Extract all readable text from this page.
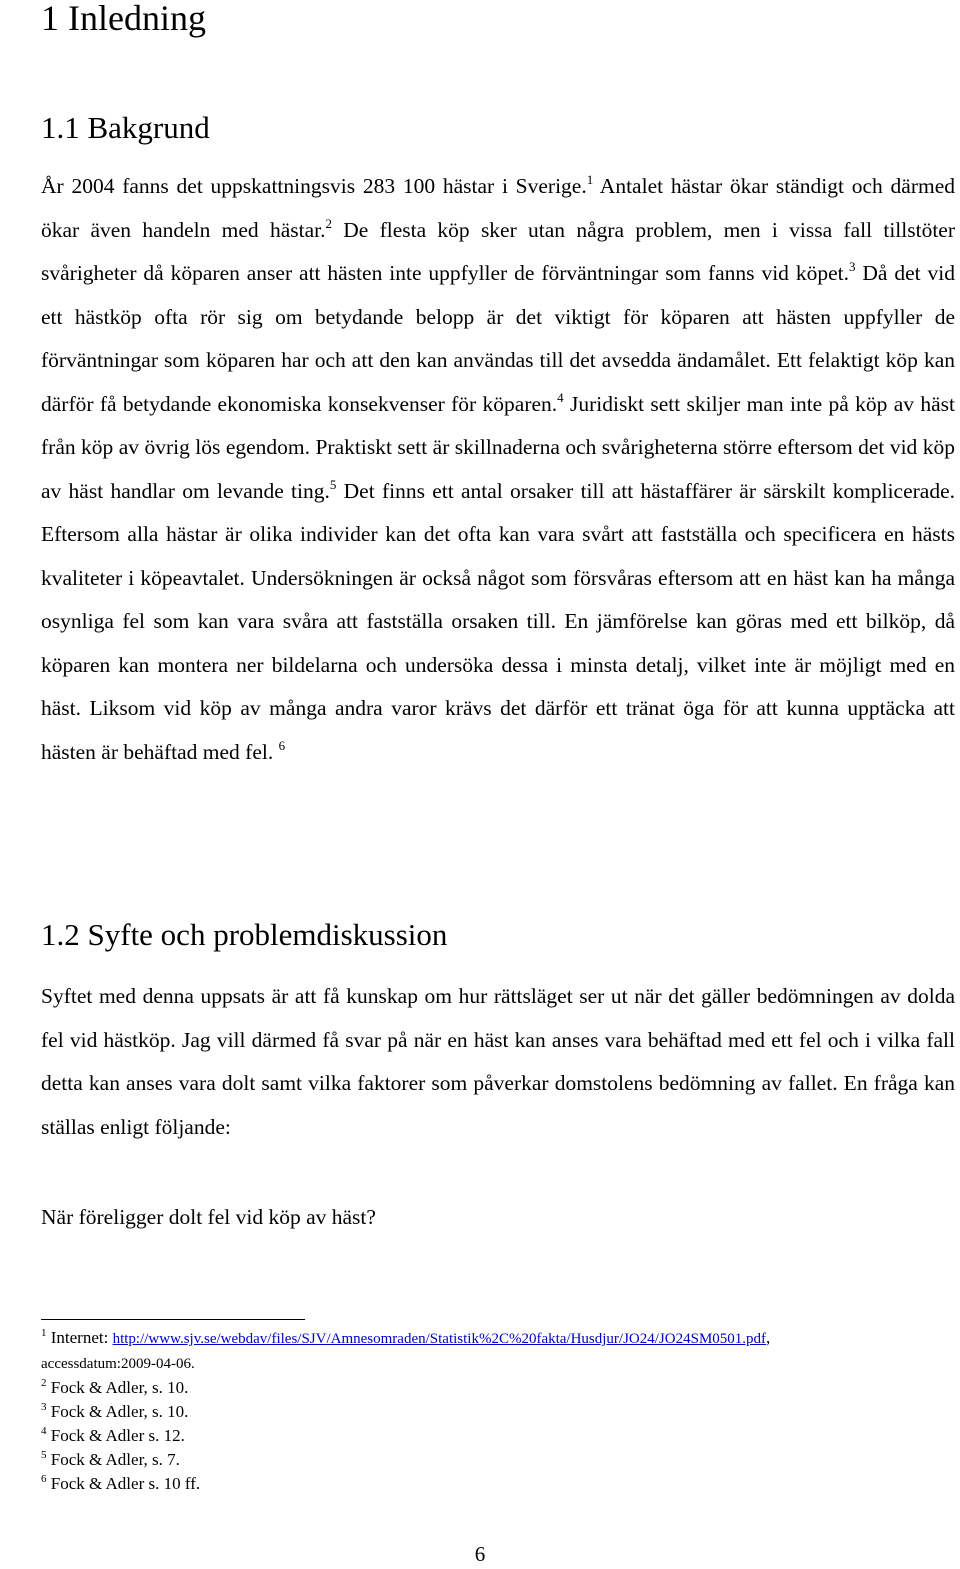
1 Inledning
1.1 Bakgrund

År 2004 fanns det uppskattningsvis 283 100 hästar i Sverige.$^1$ Antalet hästar ökar ständigt och därmed ökar även handeln med hästar.$^2$ De flesta köp sker utan några problem, men i vissa fall tillstöter svårigheter då köparen anser att hästen inte uppfyller de förväntningar som fanns vid köpet.$^3$ Då det vid ett hästköp ofta rör sig om betydande belopp är det viktigt för köparen att hästen uppfyller de förväntningar som köparen har och att den kan användas till det avsedda ändamålet. Ett felaktigt köp kan därför få betydande ekonomiska konsekvenser för köparen.$^4$ Juridiskt sett skiljer man inte på köp av häst från köp av övrig lös egendom. Praktiskt sett är skillnaderna och svårigheterna större eftersom det vid köp av häst handlar om levande ting.$^5$ Det finns ett antal orsaker till att hästaffärer är särskilt komplicerade. Eftersom alla hästar är olika individer kan det ofta kan vara svårt att fastställa och specificera en hästs kvaliteter i köpeavtalet. Undersökningen är också något som försvåras eftersom att en häst kan ha många osynliga fel som kan vara svåra att fastställa orsaken till. En jämförelse kan göras med ett bilköp, då köparen kan montera ner bildelarna och undersöka dessa i minsta detalj, vilket inte är möjligt med en häst. Liksom vid köp av många andra varor krävs det därför ett tränat öga för att kunna upptäcka att hästen är behäftad med fel. $^6$

1.2 Syfte och problemdiskussion

Syftet med denna uppsats är att få kunskap om hur rättsläget ser ut när det gäller bedömningen av dolda fel vid hästköp. Jag vill därmed få svar på när en häst kan anses vara behäftad med ett fel och i vilka fall detta kan anses vara dolt samt vilka faktorer som påverkar domstolens bedömning av fallet. En fråga kan ställas enligt följande:

När föreligger dolt fel vid köp av häst?

$^1$ Internet: http://www.sjv.se/webdav/files/SJV/Amnesomraden/Statistik%2C%20fakta/Husdjur/JO24/JO24SM0501.pdf,
accessdatum:2009-04-06.

$^2$ Fock & Adler, s. 10.

$^3$ Fock & Adler, s. 10.

$^4$ Fock & Adler s. 12.

$^5$ Fock & Adler, s. 7.

$^6$ Fock & Adler s. 10 ff.

6
